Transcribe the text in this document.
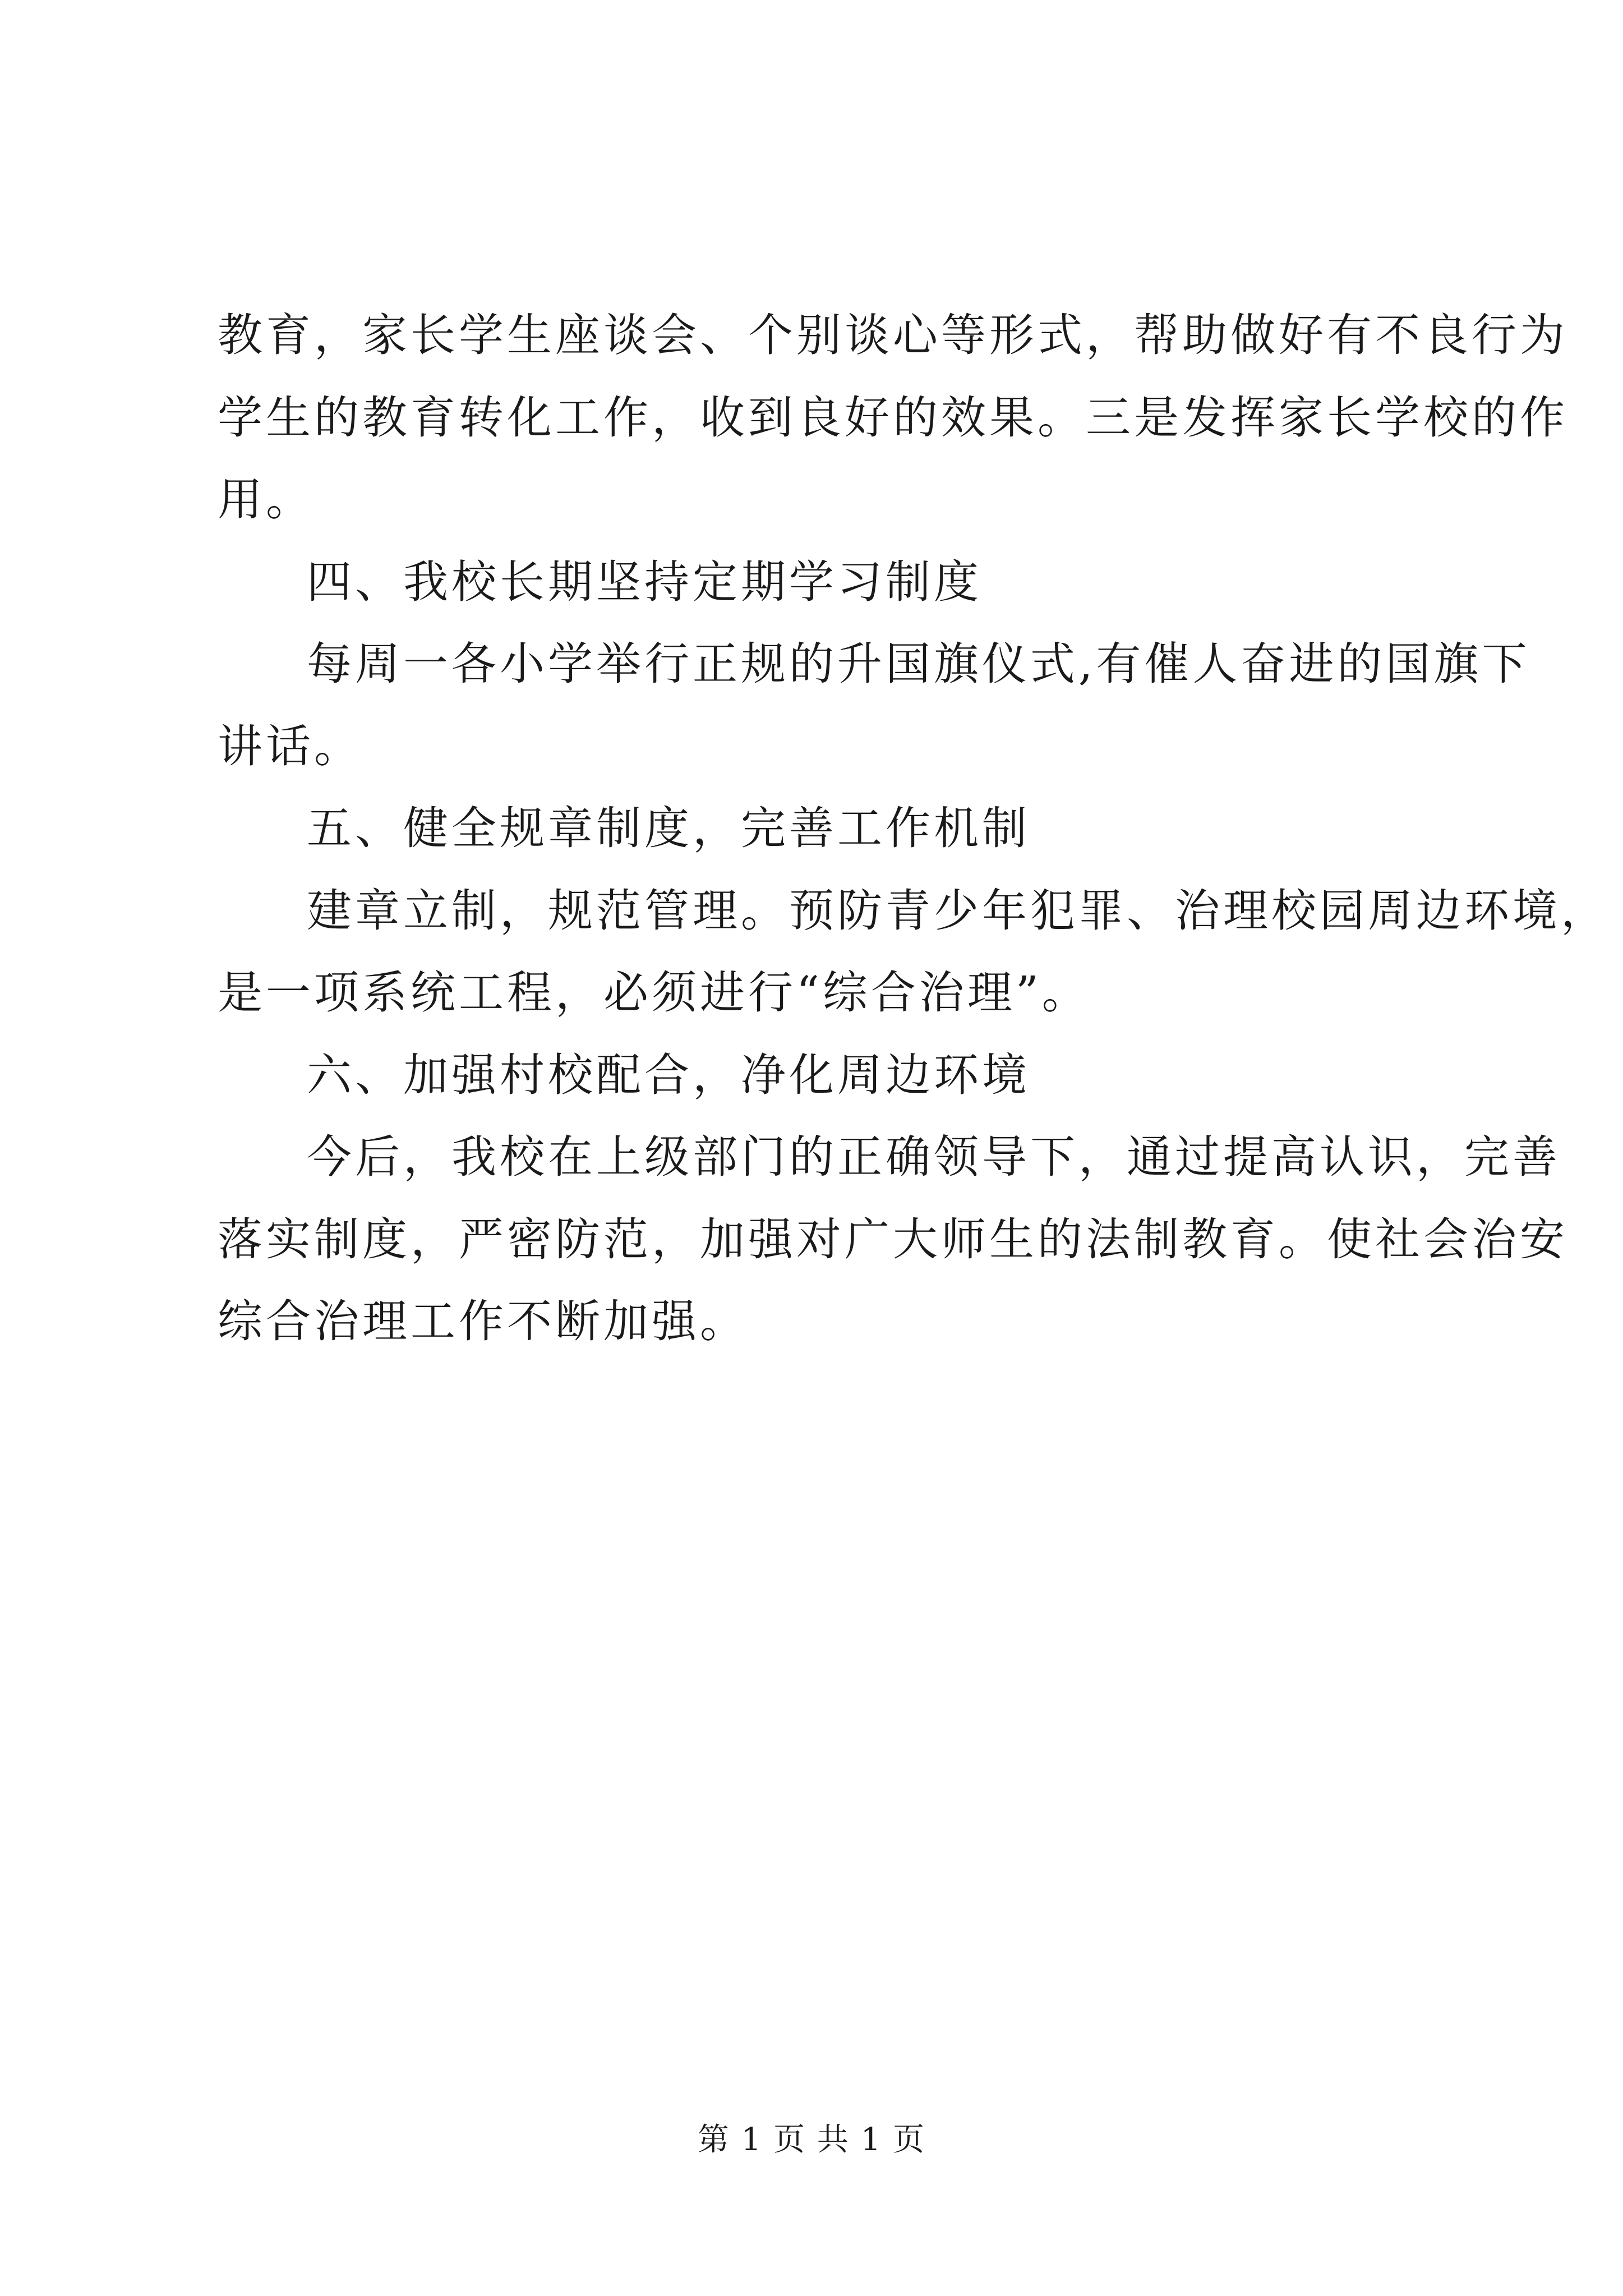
教育，家长学生座谈会、个别谈心等形式，帮助做好有不良行为
学生的教育转化工作，收到良好的效果。三是发挥家长学校的作
用。
四、我校长期坚持定期学习制度
每周一各小学举行正规的升国旗仪式,有催人奋进的国旗下
讲话。
五、健全规章制度，完善工作机制
建章立制，规范管理。预防青少年犯罪、治理校园周边环境，
是一项系统工程，必须进行“综合治理”。
六、加强村校配合，净化周边环境
今后，我校在上级部门的正确领导下，通过提高认识，完善
落实制度，严密防范，加强对广大师生的法制教育。使社会治安
综合治理工作不断加强。
第 1 页 共 1 页
